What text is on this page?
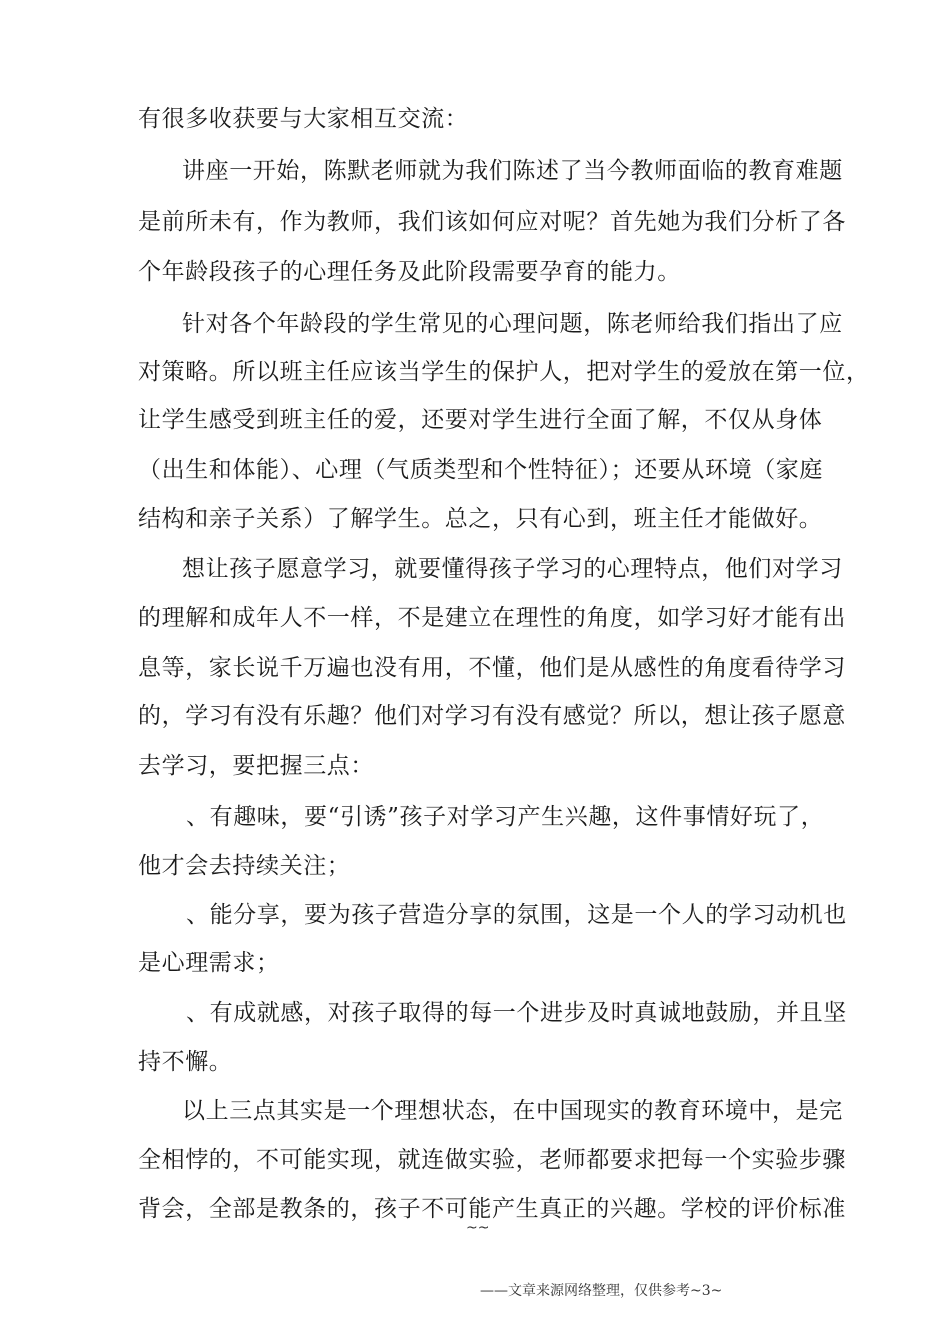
有很多收获要与大家相互交流：
讲座一开始，陈默老师就为我们陈述了当今教师面临的教育难题
是前所未有，作为教师，我们该如何应对呢？首先她为我们分析了各
个年龄段孩子的心理任务及此阶段需要孕育的能力。
针对各个年龄段的学生常见的心理问题，陈老师给我们指出了应
对策略。所以班主任应该当学生的保护人，把对学生的爱放在第一位，
让学生感受到班主任的爱，还要对学生进行全面了解，不仅从身体
（出生和体能）、心理（气质类型和个性特征）；还要从环境（家庭
结构和亲子关系）了解学生。总之，只有心到，班主任才能做好。
想让孩子愿意学习，就要懂得孩子学习的心理特点，他们对学习
的理解和成年人不一样，不是建立在理性的角度，如学习好才能有出
息等，家长说千万遍也没有用，不懂，他们是从感性的角度看待学习
的，学习有没有乐趣？他们对学习有没有感觉？所以，想让孩子愿意
去学习，要把握三点：
、有趣味，要“引诱”孩子对学习产生兴趣，这件事情好玩了，
他才会去持续关注；
、能分享，要为孩子营造分享的氛围，这是一个人的学习动机也
是心理需求；
、有成就感，对孩子取得的每一个进步及时真诚地鼓励，并且坚
持不懈。
以上三点其实是一个理想状态，在中国现实的教育环境中，是完
全相悖的，不可能实现，就连做实验，老师都要求把每一个实验步骤
背会，全部是教条的，孩子不可能产生真正的兴趣。学校的评价标准
~~
——文章来源网络整理，仅供参考~3~
